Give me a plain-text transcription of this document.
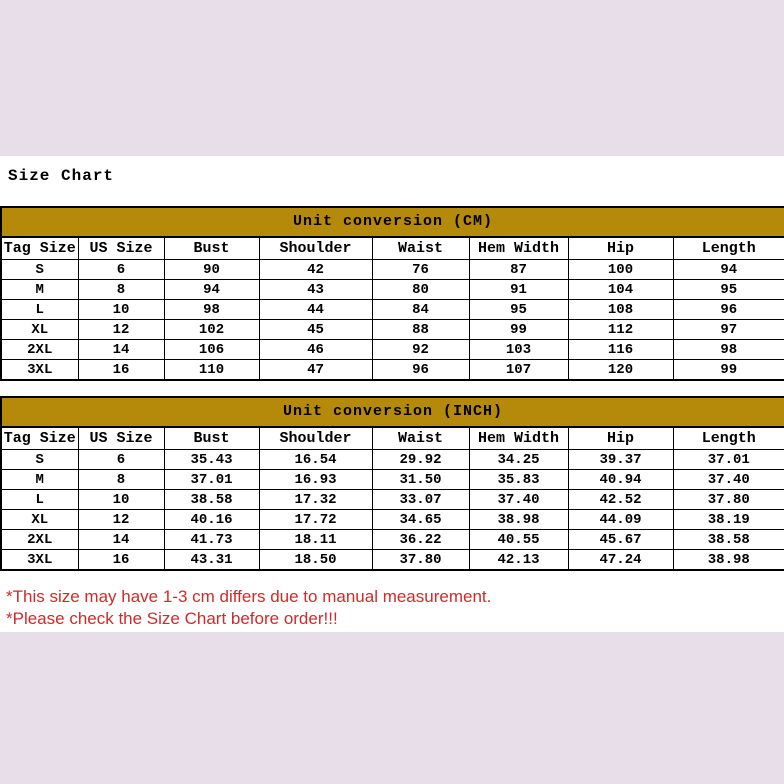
Size Chart
Unit conversion (CM)							
Tag Size	US Size	Bust	Shoulder	Waist	Hem Width	Hip	Length
S	6	90	42	76	87	100	94
M	8	94	43	80	91	104	95
L	10	98	44	84	95	108	96
XL	12	102	45	88	99	112	97
2XL	14	106	46	92	103	116	98
3XL	16	110	47	96	107	120	99
Unit conversion (INCH)							
Tag Size	US Size	Bust	Shoulder	Waist	Hem Width	Hip	Length
S	6	35.43	16.54	29.92	34.25	39.37	37.01
M	8	37.01	16.93	31.50	35.83	40.94	37.40
L	10	38.58	17.32	33.07	37.40	42.52	37.80
XL	12	40.16	17.72	34.65	38.98	44.09	38.19
2XL	14	41.73	18.11	36.22	40.55	45.67	38.58
3XL	16	43.31	18.50	37.80	42.13	47.24	38.98

*This size may have 1-3 cm differs due to manual measurement.

*Please check the Size Chart before order!!!
